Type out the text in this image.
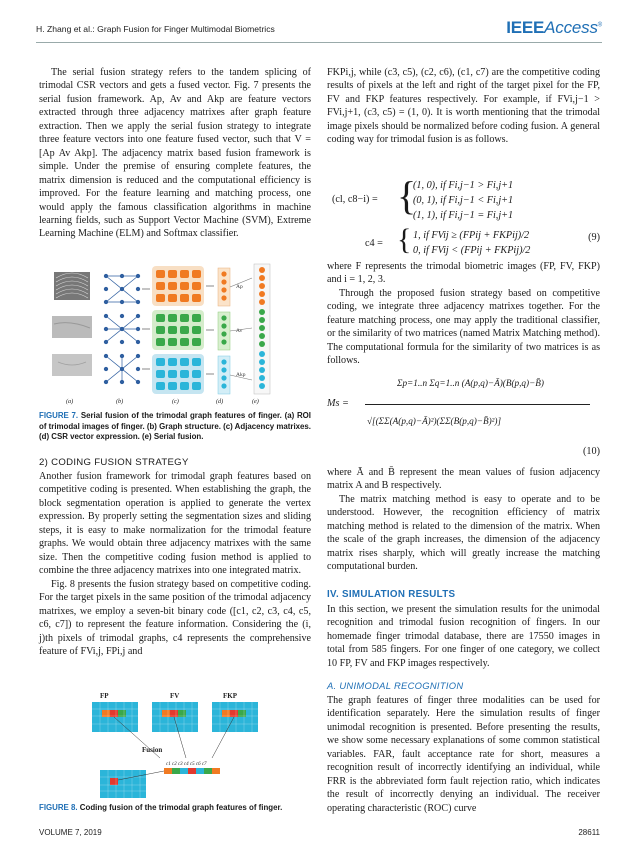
H. Zhang et al.: Graph Fusion for Finger Multimodal Biometrics	IEEEAccess®

The serial fusion strategy refers to the tandem splicing of trimodal CSR vectors and gets a fused vector. Fig. 7 presents the serial fusion framework. Ap, Av and Akp are feature vectors extracted through three adjacency matrixes after graph feature extraction. Then we apply the serial fusion strategy to integrate three feature vectors into one feature fused vector, such that V = [Ap Av Akp]. The adjacency matrix based fusion framework is simple. Under the premise of ensuring complete features, the matrix dimension is reduced and the computational efficiency is improved. For the feature learning and matching process, one would apply the famous classification algorithms in machine learning fields, such as Support Vector Machine (SVM), Extreme Learning Machine (ELM) and Softmax classifier.

Ap
Av
Akp
(a)	(b)	(c)	(d)	(e)
FIGURE 7. Serial fusion of the trimodal graph features of finger. (a) ROI of trimodal images of finger. (b) Graph structure. (c) Adjacency matrixes. (d) CSR vector expression. (e) Serial fusion.
2) CODING FUSION STRATEGY

Another fusion framework for trimodal graph features based on competitive coding is presented. When establishing the graph, the block segmentation operation is applied to generate the vertex expression. By properly setting the segmentation sizes and sliding steps, it is easy to make normalization for the trimodal feature graphs. We would obtain three adjacency matrixes with the same size. Then the competitive coding fusion method is applied to combine the three adjacency matrixes into one integrated matrix.

Fig. 8 presents the fusion strategy based on competitive coding. For the target pixels in the same position of the trimodal adjacency matrixes, we employ a seven-bit binary code ([c1, c2, c3, c4, c5, c6, c7]) to represent the feature information. Considering the (i, j)th pixels of trimodal graphs, c4 represents the comprehensive feature of FVi,j, FPi,j and

FP	FV	FKP
Fusion
c1 c2 c3 c4 c5 c6 c7
FIGURE 8. Coding fusion of the trimodal graph features of finger.

FKPi,j, while (c3, c5), (c2, c6), (c1, c7) are the competitive coding results of pixels at the left and right of the target pixel for the FP, FV and FKP features respectively. For example, if FVi,j−1 > FVi,j+1, (c3, c5) = (1, 0). It is worth mentioning that the trimodal image pixels should be normalized before coding fusion. A general coding way for trimodal fusion is as follows.

(cl, c8−i) = {
(1, 0), if Fi,j−1 > Fi,j+1
(0, 1), if Fi,j−1 < Fi,j+1
(1, 1), if Fi,j−1 = Fi,j+1
c4 = { 1, if FVij ≥ (FPij + FKPij)/2
0, if FVij < (FPij + FKPij)/2
(9)

where F represents the trimodal biometric images (FP, FV, FKP) and i = 1, 2, 3.

Through the proposed fusion strategy based on competitive coding, we integrate three adjacency matrixes together. For the feature matching process, one may apply the traditional classifier, or the similarity of two matrices (named Matrix Matching method). The computational formula for the similarity of two matrices is as follows.

Ms =
Σp=1..n Σq=1..n (A(p,q)−Ā)(B(p,q)−B̄)
√[(ΣΣ(A(p,q)−Ā)²)(ΣΣ(B(p,q)−B̄)²)]
(10)

where Ā and B̄ represent the mean values of fusion adjacency matrix A and B respectively.

The matrix matching method is easy to operate and to be understood. However, the recognition efficiency of matrix matching method is related to the dimension of the matrix. When the scale of the graph increases, the dimension of the adjacency matrix rises sharply, which will greatly increase the matching computational burden.

IV. SIMULATION RESULTS

In this section, we present the simulation results for the unimodal recognition and trimodal fusion recognition of fingers. In our homemade finger trimodal database, there are 17550 images in total from 585 fingers. For one finger of one category, we collect 10 FP, FV and FKP images respectively.

A. UNIMODAL RECOGNITION

The graph features of finger three modalities can be used for identification separately. Here the simulation results of finger unimodal recognition is presented. Before presenting the results, we show some necessary explanations of some common statistical variables. FAR, fault acceptance rate for short, measures a recognition result of incorrectly identifying an individual, while FRR is the abbreviated form fault rejection ratio, which indicates the result of incorrectly denying an individual. The receiver operating characteristic (ROC) curve

VOLUME 7, 2019	28611
